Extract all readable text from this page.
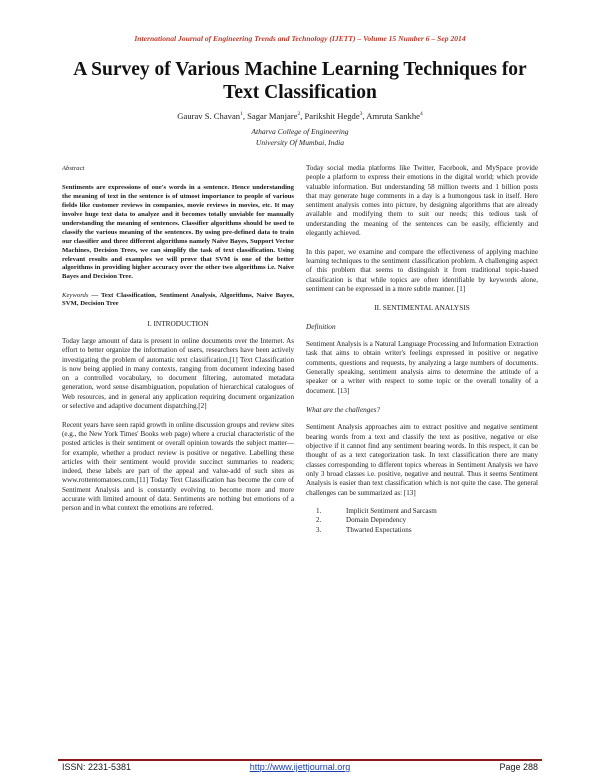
International Journal of Engineering Trends and Technology (IJETT) – Volume 15 Number 6 – Sep 2014
A Survey of Various Machine Learning Techniques for Text Classification
Gaurav S. Chavan$^1$, Sagar Manjare$^2$, Parikshit Hegde$^3$, Amruta Sankhe$^4$
Atharva College of Engineering
University Of Mumbai, India
Abstract

Sentiments are expressions of one's words in a sentence. Hence understanding the meaning of text in the sentence is of utmost importance to people of various fields like customer reviews in companies, movie reviews in movies, etc. It may involve huge text data to analyze and it becomes totally unviable for manually understanding the meaning of sentences. Classifier algorithms should be used to classify the various meaning of the sentences. By using pre-defined data to train our classifier and three different algorithms namely Naive Bayes, Support Vector Machines, Decision Trees, we can simplify the task of text classification. Using relevant results and examples we will prove that SVM is one of the better algorithms in providing higher accuracy over the other two algorithms i.e. Naive Bayes and Decision Tree.

Keywords — Text Classification, Sentiment Analysis, Algorithms, Naive Bayes, SVM, Decision Tree

I. INTRODUCTION

Today large amount of data is present in online documents over the Internet. As effort to better organize the information of users, researchers have been actively investigating the problem of automatic text classification.[1] Text Classification is now being applied in many contexts, ranging from document indexing based on a controlled vocabulary, to document filtering, automated metadata generation, word sense disambiguation, population of hierarchical catalogues of Web resources, and in general any application requiring document organization or selective and adaptive document dispatching.[2]

Recent years have seen rapid growth in online discussion groups and review sites (e.g., the New York Times' Books web page) where a crucial characteristic of the posted articles is their sentiment or overall opinion towards the subject matter— for example, whether a product review is positive or negative. Labelling these articles with their sentiment would provide succinct summaries to readers; indeed, these labels are part of the appeal and value-add of such sites as www.rottentomatoes.com.[11] Today Text Classification has become the core of Sentiment Analysis and is constantly evolving to become more and more accurate with limited amount of data. Sentiments are nothing but emotions of a person and in what context the emotions are referred.

Today social media platforms like Twitter, Facebook, and MySpace provide people a platform to express their emotions in the digital world; which provide valuable information. But understanding 58 million tweets and 1 billion posts that may generate huge comments in a day is a humongous task in itself. Here sentiment analysis comes into picture, by designing algorithms that are already available and modifying them to suit our needs; this tedious task of understanding the meaning of the sentences can be easily, efficiently and elegantly achieved.

In this paper, we examine and compare the effectiveness of applying machine learning techniques to the sentiment classification problem. A challenging aspect of this problem that seems to distinguish it from traditional topic-based classification is that while topics are often identifiable by keywords alone, sentiment can be expressed in a more subtle manner. [1]

II. SENTIMENTAL ANALYSIS
Definition

Sentiment Analysis is a Natural Language Processing and Information Extraction task that aims to obtain writer's feelings expressed in positive or negative comments, questions and requests, by analyzing a large numbers of documents. Generally speaking, sentiment analysis aims to determine the attitude of a speaker or a writer with respect to some topic or the overall tonality of a document. [13]

What are the challenges?

Sentiment Analysis approaches aim to extract positive and negative sentiment bearing words from a text and classify the text as positive, negative or else objective if it cannot find any sentiment bearing words. In this respect, it can be thought of as a text categorization task. In text classification there are many classes corresponding to different topics whereas in Sentiment Analysis we have only 3 broad classes i.e. positive, negative and neutral. Thus it seems Sentiment Analysis is easier than text classification which is not quite the case. The general challenges can be summarized as: [13]

1.	Implicit Sentiment and Sarcasm
2.	Domain Dependency
3.	Thwarted Expectations
ISSN: 2231-5381	http://www.ijettjournal.org	Page 288
